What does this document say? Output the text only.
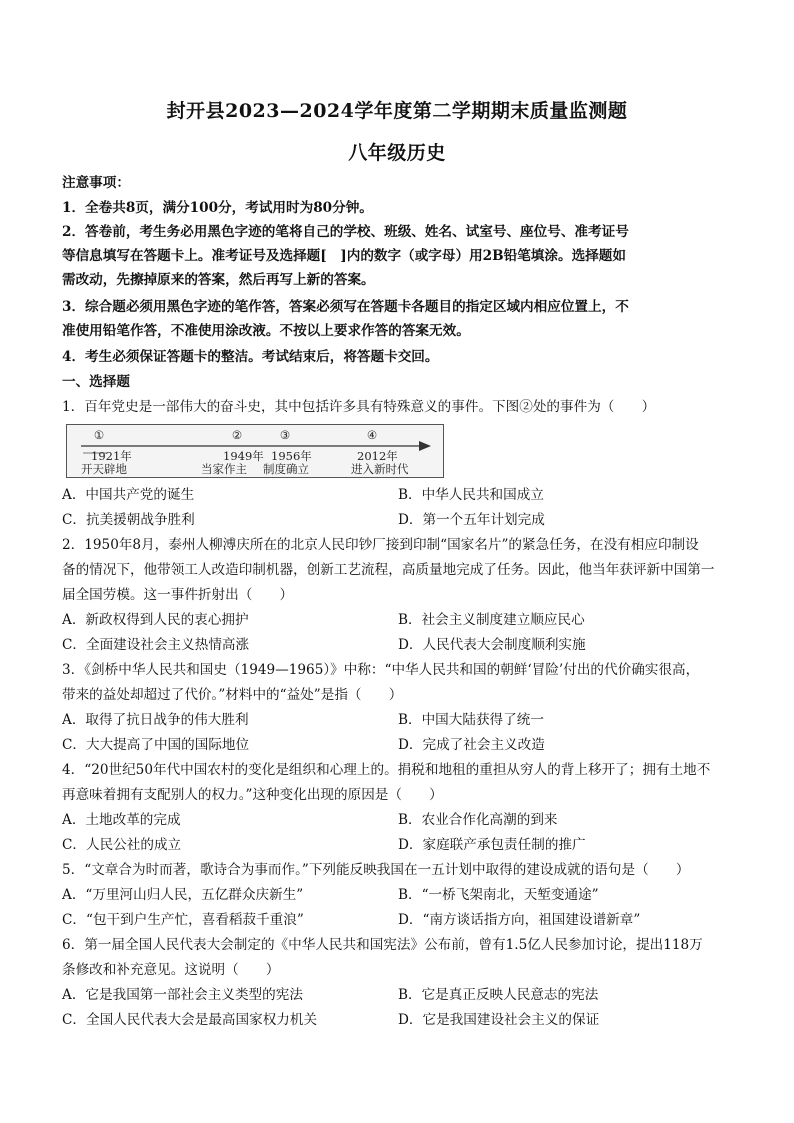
封开县2023—2024学年度第二学期期末质量监测题
八年级历史
注意事项：
1．全卷共8页，满分100分，考试用时为80分钟。
2．答卷前，考生务必用黑色字迹的笔将自己的学校、班级、姓名、试室号、座位号、准考证号
等信息填写在答题卡上。准考证号及选择题[　]内的数字（或字母）用2B铅笔填涂。选择题如
需改动，先擦掉原来的答案，然后再写上新的答案。
3．综合题必须用黑色字迹的笔作答，答案必须写在答题卡各题目的指定区域内相应位置上，不
准使用铅笔作答，不准使用涂改液。不按以上要求作答的答案无效。
4．考生必须保证答题卡的整洁。考试结束后，将答题卡交回。
一、选择题
1．百年党史是一部伟大的奋斗史，其中包括许多具有特殊意义的事件。下图②处的事件为（　　）
①
1921年
开天辟地
②
1949年
当家作主
③
1956年
制度确立
④
2012年
进入新时代
A．中国共产党的诞生	B．中华人民共和国成立
C．抗美援朝战争胜利	D．第一个五年计划完成
2．1950年8月，泰州人柳溥庆所在的北京人民印钞厂接到印制“国家名片”的紧急任务，在没有相应印制设
备的情况下，他带领工人改造印制机器，创新工艺流程，高质量地完成了任务。因此，他当年获评新中国第一
届全国劳模。这一事件折射出（　　）
A．新政权得到人民的衷心拥护	B．社会主义制度建立顺应民心
C．全面建设社会主义热情高涨	D．人民代表大会制度顺利实施
3．《剑桥中华人民共和国史（1949—1965）》中称：“中华人民共和国的朝鲜‘冒险’付出的代价确实很高，
带来的益处却超过了代价。”材料中的“益处”是指（　　）
A．取得了抗日战争的伟大胜利	B．中国大陆获得了统一
C．大大提高了中国的国际地位	D．完成了社会主义改造
4．“20世纪50年代中国农村的变化是组织和心理上的。捐税和地租的重担从穷人的背上移开了；拥有土地不
再意味着拥有支配别人的权力。”这种变化出现的原因是（　　）
A．土地改革的完成	B．农业合作化高潮的到来
C．人民公社的成立	D．家庭联产承包责任制的推广
5．“文章合为时而著，歌诗合为事而作。”下列能反映我国在一五计划中取得的建设成就的语句是（　　）
A．“万里河山归人民，五亿群众庆新生”	B．“一桥飞架南北，天堑变通途”
C．“包干到户生产忙，喜看稻菽千重浪”	D．“南方谈话指方向，祖国建设谱新章”
6．第一届全国人民代表大会制定的《中华人民共和国宪法》公布前，曾有1.5亿人民参加讨论，提出118万
条修改和补充意见。这说明（　　）
A．它是我国第一部社会主义类型的宪法	B．它是真正反映人民意志的宪法
C．全国人民代表大会是最高国家权力机关	D．它是我国建设社会主义的保证
